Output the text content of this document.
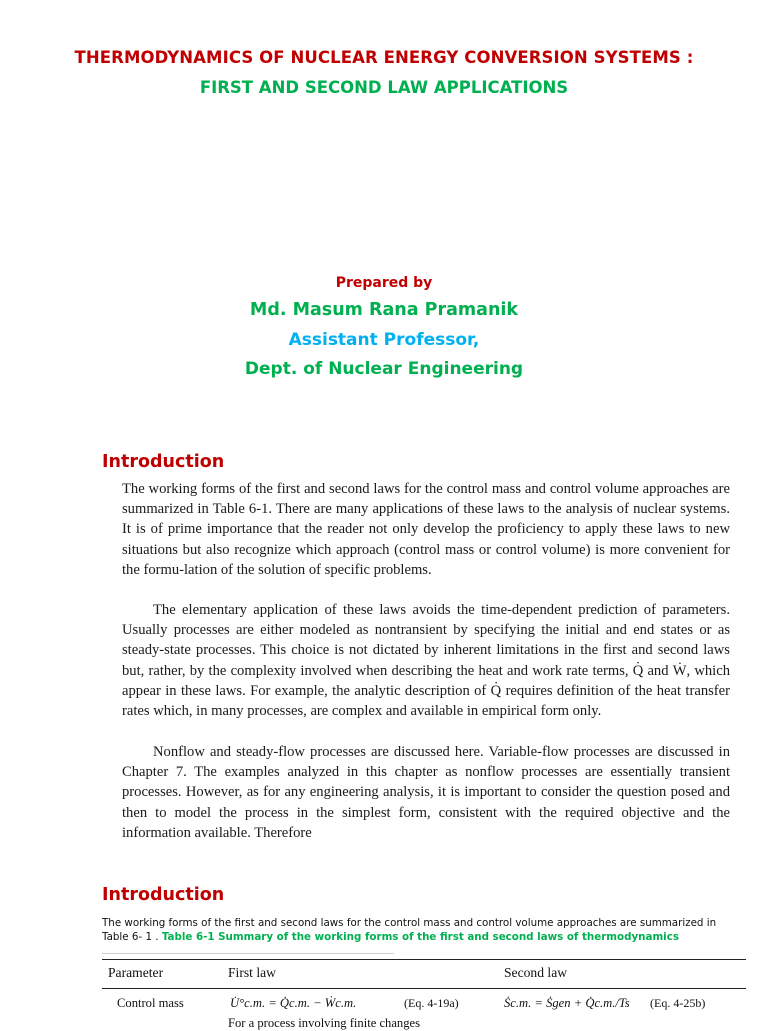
THERMODYNAMICS OF NUCLEAR ENERGY CONVERSION SYSTEMS :
FIRST AND SECOND LAW APPLICATIONS
Prepared by
Md. Masum Rana Pramanik
Assistant Professor,
Dept. of Nuclear Engineering
Introduction

The working forms of the first and second laws for the control mass and control volume approaches are summarized in Table 6-1. There are many applications of these laws to the analysis of nuclear systems. It is of prime importance that the reader not only develop the proficiency to apply these laws to new situations but also recognize which approach (control mass or control volume) is more convenient for the formu-lation of the solution of specific problems.

The elementary application of these laws avoids the time-dependent prediction of parameters. Usually processes are either modeled as nontransient by specifying the initial and end states or as steady-state processes. This choice is not dictated by inherent limitations in the first and second laws but, rather, by the complexity involved when describing the heat and work rate terms, Q̇ and Ẇ, which appear in these laws. For example, the analytic description of Q̇ requires definition of the heat transfer rates which, in many processes, are complex and available in empirical form only.

Nonflow and steady-flow processes are discussed here. Variable-flow processes are discussed in Chapter 7. The examples analyzed in this chapter as nonflow processes are essentially transient processes. However, as for any engineering analysis, it is important to consider the question posed and then to model the process in the simplest form, consistent with the required objective and the information available. Therefore

Introduction
The working forms of the first and second laws for the control mass and control volume approaches are summarized in Table 6- 1 . Table 6-1 Summary of the working forms of the first and second laws of thermodynamics
Parameter	First law	Second law
Control mass	U̇°c.m. = Q̇c.m. − Ẇc.m.	(Eq. 4-19a)	Ṡc.m. = Ṡgen + Q̇c.m./Ts (Eq. 4-25b)
For a process involving finite changes
